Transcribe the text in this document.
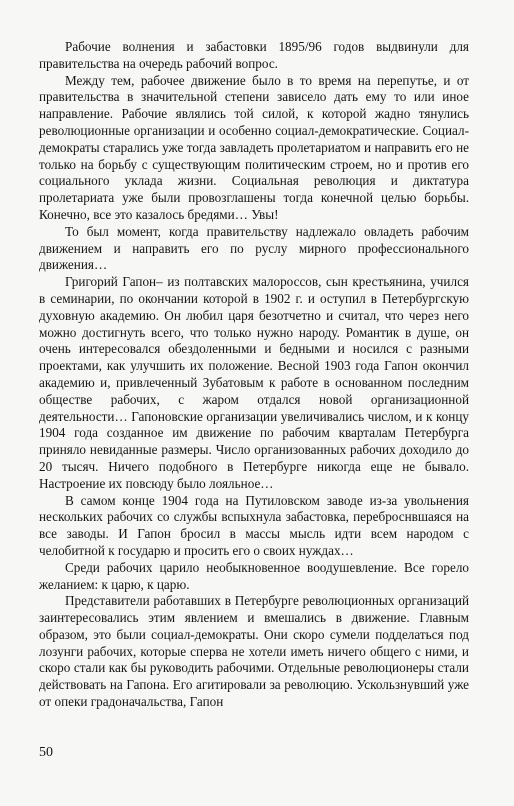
Рабочие волнения и забастовки 1895/96 годов выдвинули для правительства на очередь рабочий вопрос.

Между тем, рабочее движение было в то время на перепутье, и от правительства в значительной степени зависело дать ему то или иное направление. Рабочие являлись той силой, к которой жадно тянулись революционные организации и особенно социал-демократические. Социал-демократы старались уже тогда завладеть пролетариатом и направить его не только на борьбу с существующим политическим строем, но и против его социального уклада жизни. Социальная революция и диктатура пролетариата уже были провозглашены тогда конечной целью борьбы. Конечно, все это казалось бредями… Увы!

То был момент, когда правительству надлежало овладеть рабочим движением и направить его по руслу мирного профессионального движения…

Григорий Гапон– из полтавских малороссов, сын крестьянина, учился в семинарии, по окончании которой в 1902 г. и оступил в Петербургскую духовную академию. Он любил царя безотчетно и считал, что через него можно достигнуть всего, что только нужно народу. Романтик в душе, он очень интересовался обездоленными и бедными и носился с разными проектами, как улучшить их положение. Весной 1903 года Гапон окончил академию и, привлеченный Зубатовым к работе в основанном последним обществе рабочих, с жаром отдался новой организационной деятельности… Гапоновские организации увеличивались числом, и к концу 1904 года созданное им движение по рабочим кварталам Петербурга приняло невиданные размеры. Число организованных рабочих доходило до 20 тысяч. Ничего подобного в Петербурге никогда еще не бывало. Настроение их повсюду было лояльное…

В самом конце 1904 года на Путиловском заводе из-за увольнения нескольких рабочих со службы вспыхнула забастовка, переброснвшаяся на все заводы. И Гапон бросил в массы мысль идти всем народом с челобитной к государю и просить его о своих нуждах…

Среди рабочих царило необыкновенное воодушевление. Все горело желанием: к царю, к царю.

Представители работавших в Петербурге революционных организаций заинтересовались этим явлением и вмешались в движение. Главным образом, это были социал-демократы. Они скоро сумели подделаться под лозунги рабочих, которые сперва не хотели иметь ничего общего с ними, и скоро стали как бы руководить рабочими. Отдельные революционеры стали действовать на Гапона. Его агитировали за революцию. Ускользнувший уже от опеки градоначальства, Гапон

50
